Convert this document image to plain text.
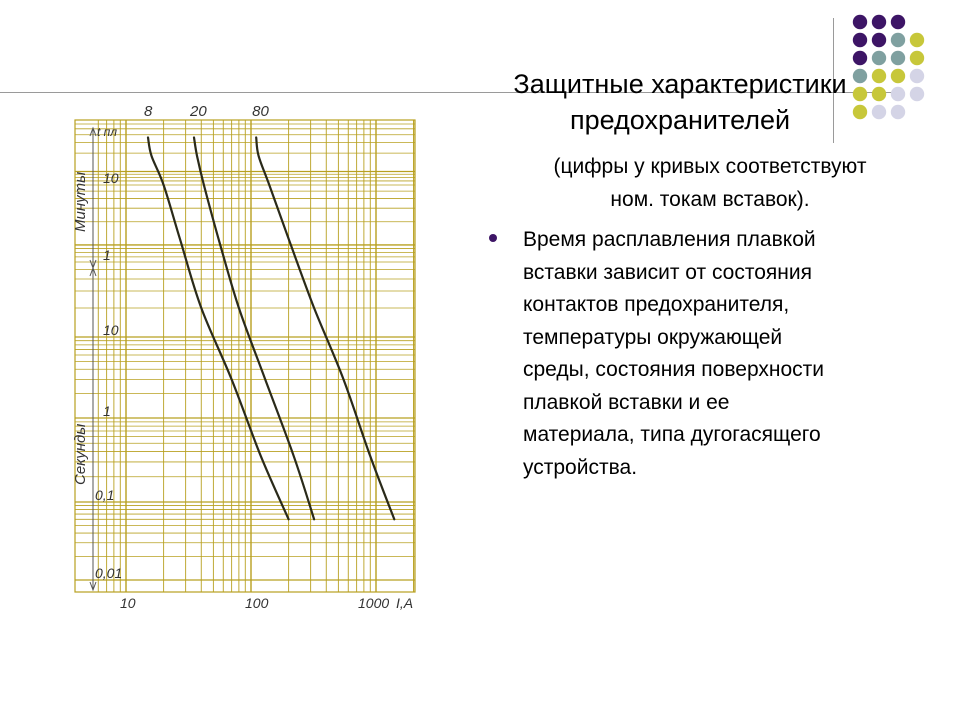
Защитные характеристики
предохранителей
(цифры у кривых соответствуют
ном. токам вставок).
Время расплавления плавкой
вставки зависит от состояния
контактов предохранителя,
температуры окружающей
среды, состояния поверхности
плавкой вставки и ее
материала, типа дугогасящего
устройства.
8	20	80
10	100	1000 I,A
10
1
10
1
0,1
0,01
t пл
Минуты
Секунды
